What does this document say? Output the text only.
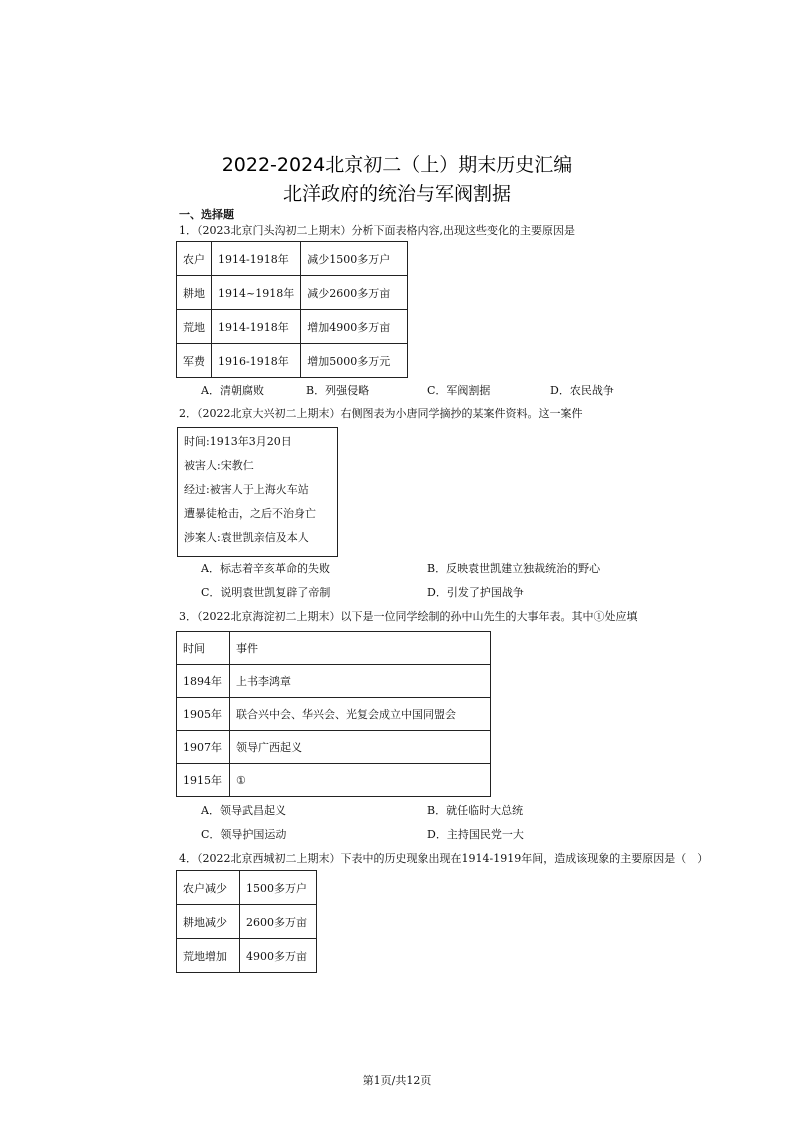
2022-2024北京初二（上）期末历史汇编
北洋政府的统治与军阀割据
一、选择题
1．（2023北京门头沟初二上期末）分析下面表格内容,出现这些变化的主要原因是
农户	1914-1918年	减少1500多万户
耕地	1914~1918年	减少2600多万亩
荒地	1914-1918年	增加4900多万亩
军费	1916-1918年	增加5000多万元
A．清朝腐败	B．列强侵略	C．军阀割据	D．农民战争
2．（2022北京大兴初二上期末）右侧图表为小唐同学摘抄的某案件资料。这一案件
时间:1913年3月20日
被害人:宋教仁
经过:被害人于上海火车站
遭暴徒枪击，之后不治身亡
涉案人:袁世凯亲信及本人
A．标志着辛亥革命的失败	B．反映袁世凯建立独裁统治的野心
C．说明袁世凯复辟了帝制	D．引发了护国战争
3．（2022北京海淀初二上期末）以下是一位同学绘制的孙中山先生的大事年表。其中①处应填
时间	事件
1894年	上书李鸿章
1905年	联合兴中会、华兴会、光复会成立中国同盟会
1907年	领导广西起义
1915年	①
A．领导武昌起义	B．就任临时大总统
C．领导护国运动	D．主持国民党一大
4．（2022北京西城初二上期末）下表中的历史现象出现在1914-1919年间，造成该现象的主要原因是（　）
农户减少	1500多万户
耕地减少	2600多万亩
荒地增加	4900多万亩
第1页/共12页
